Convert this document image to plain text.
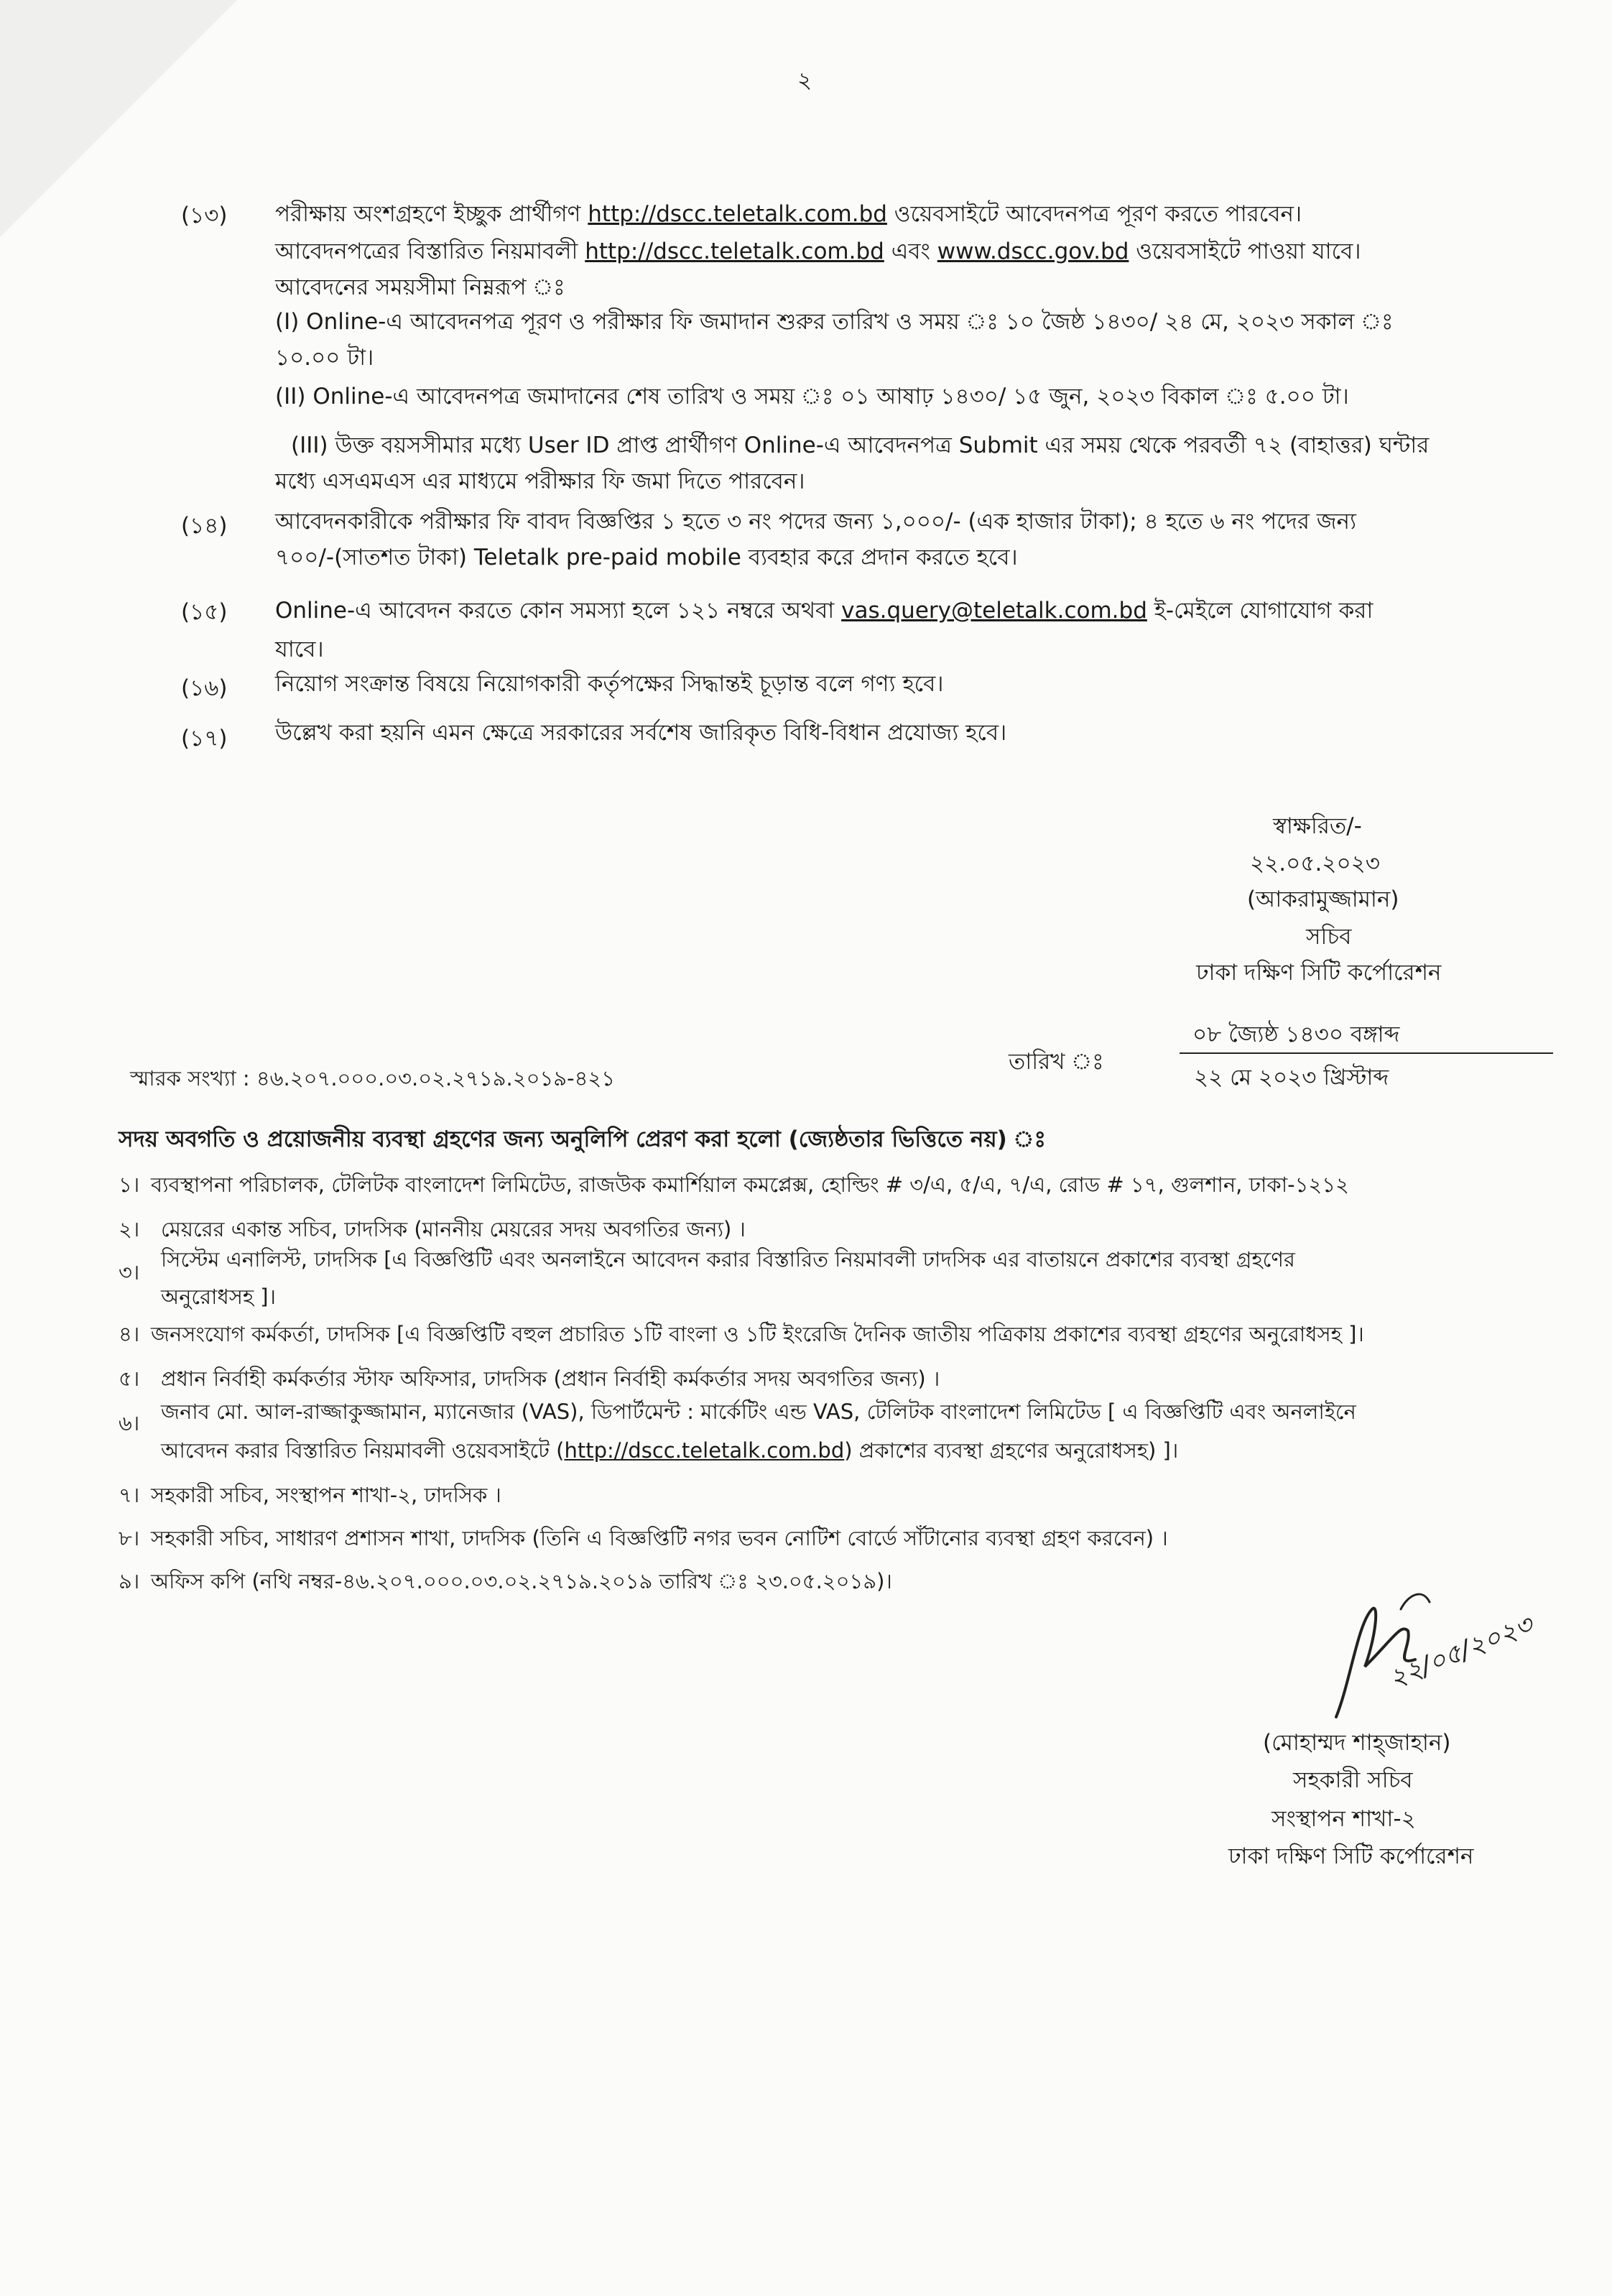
২
(১৩) পরীক্ষায় অংশগ্রহণে ইচ্ছুক প্রার্থীগণ http://dscc.teletalk.com.bd ওয়েবসাইটে আবেদনপত্র পূরণ করতে পারবেন।
আবেদনপত্রের বিস্তারিত নিয়মাবলী http://dscc.teletalk.com.bd এবং www.dscc.gov.bd ওয়েবসাইটে পাওয়া যাবে।
আবেদনের সময়সীমা নিম্নরূপ ঃ
(I) Online-এ আবেদনপত্র পূরণ ও পরীক্ষার ফি জমাদান শুরুর তারিখ ও সময় ঃ ১০ জৈষ্ঠ ১৪৩০/ ২৪ মে, ২০২৩ সকাল ঃ
১০.০০ টা।
(II) Online-এ আবেদনপত্র জমাদানের শেষ তারিখ ও সময় ঃ ০১ আষাঢ় ১৪৩০/ ১৫ জুন, ২০২৩ বিকাল ঃ ৫.০০ টা।
(III) উক্ত বয়সসীমার মধ্যে User ID প্রাপ্ত প্রার্থীগণ Online-এ আবেদনপত্র Submit এর সময় থেকে পরবর্তী ৭২ (বাহাত্তর) ঘন্টার
মধ্যে এসএমএস এর মাধ্যমে পরীক্ষার ফি জমা দিতে পারবেন।
(১৪) আবেদনকারীকে পরীক্ষার ফি বাবদ বিজ্ঞপ্তির ১ হতে ৩ নং পদের জন্য ১,০০০/- (এক হাজার টাকা); ৪ হতে ৬ নং পদের জন্য
৭০০/-(সাতশত টাকা) Teletalk pre-paid mobile ব্যবহার করে প্রদান করতে হবে।
(১৫) Online-এ আবেদন করতে কোন সমস্যা হলে ১২১ নম্বরে অথবা vas.query@teletalk.com.bd ই-মেইলে যোগাযোগ করা
যাবে।
(১৬) নিয়োগ সংক্রান্ত বিষয়ে নিয়োগকারী কর্তৃপক্ষের সিদ্ধান্তই চূড়ান্ত বলে গণ্য হবে।
(১৭) উল্লেখ করা হয়নি এমন ক্ষেত্রে সরকারের সর্বশেষ জারিকৃত বিধি-বিধান প্রযোজ্য হবে।
স্বাক্ষরিত/-
২২.০৫.২০২৩
(আকরামুজ্জামান)
সচিব
ঢাকা দক্ষিণ সিটি কর্পোরেশন
স্মারক সংখ্যা : ৪৬.২০৭.০০০.০৩.০২.২৭১৯.২০১৯-৪২১
তারিখ ঃ
০৮ জ্যৈষ্ঠ ১৪৩০ বঙ্গাব্দ
২২ মে ২০২৩ খ্রিস্টাব্দ
সদয় অবগতি ও প্রয়োজনীয় ব্যবস্থা গ্রহণের জন্য অনুলিপি প্রেরণ করা হলো (জ্যেষ্ঠতার ভিত্তিতে নয়) ঃ
১। ব্যবস্থাপনা পরিচালক, টেলিটক বাংলাদেশ লিমিটেড, রাজউক কমার্শিয়াল কমপ্লেক্স, হোল্ডিং # ৩/এ, ৫/এ, ৭/এ, রোড # ১৭, গুলশান, ঢাকা-১২১২
২। মেয়রের একান্ত সচিব, ঢাদসিক (মাননীয় মেয়রের সদয় অবগতির জন্য) ।
৩।
সিস্টেম এনালিস্ট, ঢাদসিক [এ বিজ্ঞপ্তিটি এবং অনলাইনে আবেদন করার বিস্তারিত নিয়মাবলী ঢাদসিক এর বাতায়নে প্রকাশের ব্যবস্থা গ্রহণের
অনুরোধসহ ]।
৪। জনসংযোগ কর্মকর্তা, ঢাদসিক [এ বিজ্ঞপ্তিটি বহুল প্রচারিত ১টি বাংলা ও ১টি ইংরেজি দৈনিক জাতীয় পত্রিকায় প্রকাশের ব্যবস্থা গ্রহণের অনুরোধসহ ]।
৫। প্রধান নির্বাহী কর্মকর্তার স্টাফ অফিসার, ঢাদসিক (প্রধান নির্বাহী কর্মকর্তার সদয় অবগতির জন্য) ।
৬। জনাব মো. আল-রাজ্জাকুজ্জামান, ম্যানেজার (VAS), ডিপার্টমেন্ট : মার্কেটিং এন্ড VAS, টেলিটক বাংলাদেশ লিমিটেড [ এ বিজ্ঞপ্তিটি এবং অনলাইনে
আবেদন করার বিস্তারিত নিয়মাবলী ওয়েবসাইটে (http://dscc.teletalk.com.bd) প্রকাশের ব্যবস্থা গ্রহণের অনুরোধসহ) ]।
৭। সহকারী সচিব, সংস্থাপন শাখা-২, ঢাদসিক ।
৮। সহকারী সচিব, সাধারণ প্রশাসন শাখা, ঢাদসিক (তিনি এ বিজ্ঞপ্তিটি নগর ভবন নোটিশ বোর্ডে সাঁটানোর ব্যবস্থা গ্রহণ করবেন) ।
৯। অফিস কপি (নথি নম্বর-৪৬.২০৭.০০০.০৩.০২.২৭১৯.২০১৯ তারিখ ঃ ২৩.০৫.২০১৯)।
২২/০৫/২০২৩
(মোহাম্মদ শাহ্জাহান)
সহকারী সচিব
সংস্থাপন শাখা-২
ঢাকা দক্ষিণ সিটি কর্পোরেশন
